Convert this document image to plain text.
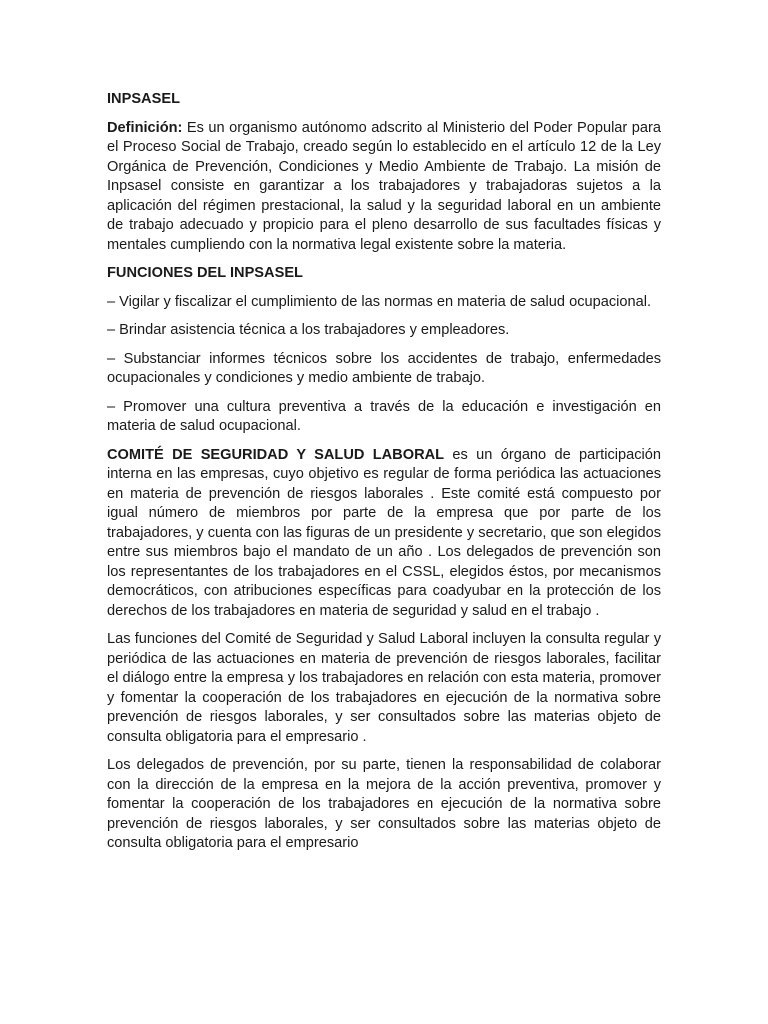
INPSASEL

Definición: Es un organismo autónomo adscrito al Ministerio del Poder Popular para el Proceso Social de Trabajo, creado según lo establecido en el artículo 12 de la Ley Orgánica de Prevención, Condiciones y Medio Ambiente de Trabajo. La misión de Inpsasel consiste en garantizar a los trabajadores y trabajadoras sujetos a la aplicación del régimen prestacional, la salud y la seguridad laboral en un ambiente de trabajo adecuado y propicio para el pleno desarrollo de sus facultades físicas y mentales cumpliendo con la normativa legal existente sobre la materia.

FUNCIONES DEL INPSASEL

– Vigilar y fiscalizar el cumplimiento de las normas en materia de salud ocupacional.

– Brindar asistencia técnica a los trabajadores y empleadores.

– Substanciar informes técnicos sobre los accidentes de trabajo, enfermedades ocupacionales y condiciones y medio ambiente de trabajo.

– Promover una cultura preventiva a través de la educación e investigación en materia de salud ocupacional.

COMITÉ DE SEGURIDAD Y SALUD LABORAL es un órgano de participación interna en las empresas, cuyo objetivo es regular de forma periódica las actuaciones en materia de prevención de riesgos laborales . Este comité está compuesto por igual número de miembros por parte de la empresa que por parte de los trabajadores, y cuenta con las figuras de un presidente y secretario, que son elegidos entre sus miembros bajo el mandato de un año . Los delegados de prevención son los representantes de los trabajadores en el CSSL, elegidos éstos, por mecanismos democráticos, con atribuciones específicas para coadyubar en la protección de los derechos de los trabajadores en materia de seguridad y salud en el trabajo .

Las funciones del Comité de Seguridad y Salud Laboral incluyen la consulta regular y periódica de las actuaciones en materia de prevención de riesgos laborales, facilitar el diálogo entre la empresa y los trabajadores en relación con esta materia, promover y fomentar la cooperación de los trabajadores en ejecución de la normativa sobre prevención de riesgos laborales, y ser consultados sobre las materias objeto de consulta obligatoria para el empresario .

Los delegados de prevención, por su parte, tienen la responsabilidad de colaborar con la dirección de la empresa en la mejora de la acción preventiva, promover y fomentar la cooperación de los trabajadores en ejecución de la normativa sobre prevención de riesgos laborales, y ser consultados sobre las materias objeto de consulta obligatoria para el empresario
